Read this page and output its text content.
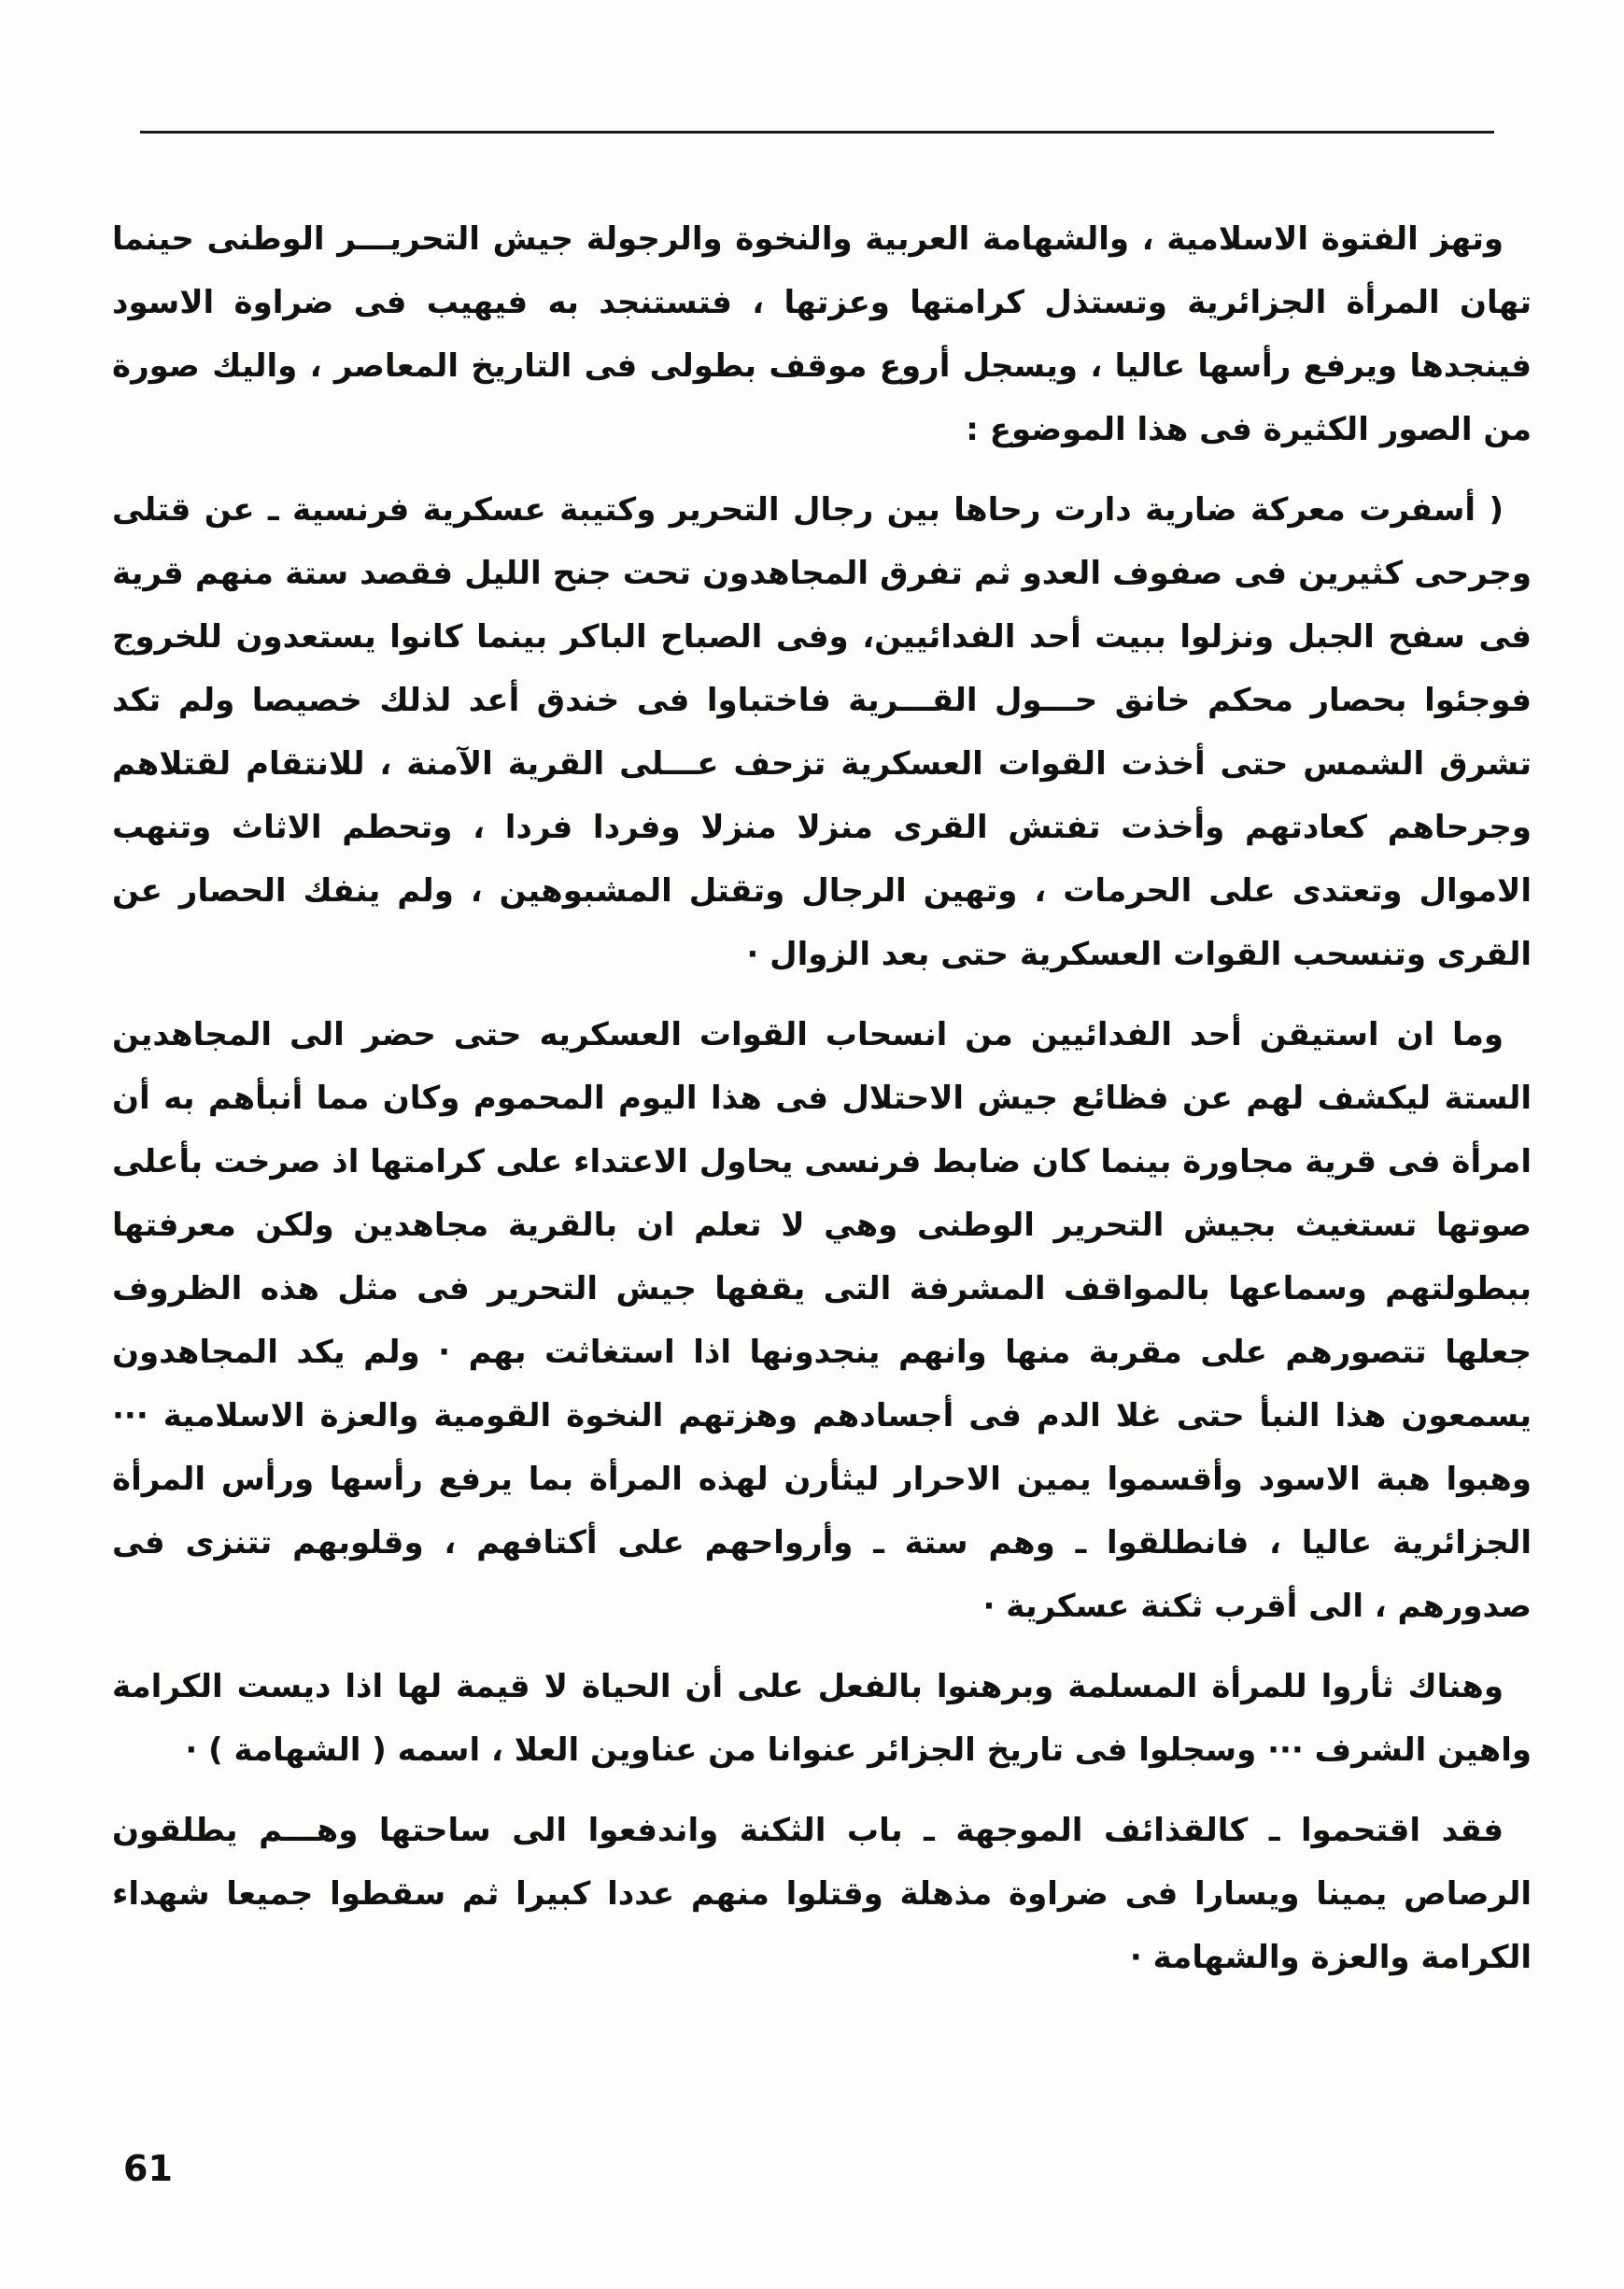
وتهز الفتوة الاسلامية ، والشهامة العربية والنخوة والرجولة جيش التحريـــر الوطنى حينما تهان المرأة الجزائرية وتستذل كرامتها وعزتها ، فتستنجد به فيهيب فى ضراوة الاسود فينجدها ويرفع رأسها عاليا ، ويسجل أروع موقف بطولى فى التاريخ المعاصر ، واليك صورة من الصور الكثيرة فى هذا الموضوع :

( أسفرت معركة ضارية دارت رحاها بين رجال التحرير وكتيبة عسكرية فرنسية ـ عن قتلى وجرحى كثيرين فى صفوف العدو ثم تفرق المجاهدون تحت جنح الليل فقصد ستة منهم قرية فى سفح الجبل ونزلوا ببيت أحد الفدائيين، وفى الصباح الباكر بينما كانوا يستعدون للخروج فوجئوا بحصار محكم خانق حـــول القـــرية فاختباوا فى خندق أعد لذلك خصيصا ولم تكد تشرق الشمس حتى أخذت القوات العسكرية تزحف عـــلى القرية الآمنة ، للانتقام لقتلاهم وجرحاهم كعادتهم وأخذت تفتش القرى منزلا منزلا وفردا فردا ، وتحطم الاثاث وتنهب الاموال وتعتدى على الحرمات ، وتهين الرجال وتقتل المشبوهين ، ولم ينفك الحصار عن القرى وتنسحب القوات العسكرية حتى بعد الزوال ·

وما ان استيقن أحد الفدائيين من انسحاب القوات العسكريه حتى حضر الى المجاهدين الستة ليكشف لهم عن فظائع جيش الاحتلال فى هذا اليوم المحموم وكان مما أنبأهم به أن امرأة فى قرية مجاورة بينما كان ضابط فرنسى يحاول الاعتداء على كرامتها اذ صرخت بأعلى صوتها تستغيث بجيش التحرير الوطنى وهي لا تعلم ان بالقرية مجاهدين ولكن معرفتها ببطولتهم وسماعها بالمواقف المشرفة التى يقفها جيش التحرير فى مثل هذه الظروف جعلها تتصورهم على مقربة منها وانهم ينجدونها اذا استغاثت بهم · ولم يكد المجاهدون يسمعون هذا النبأ حتى غلا الدم فى أجسادهم وهزتهم النخوة القومية والعزة الاسلامية ··· وهبوا هبة الاسود وأقسموا يمين الاحرار ليثأرن لهذه المرأة بما يرفع رأسها ورأس المرأة الجزائرية عاليا ، فانطلقوا ـ وهم ستة ـ وأرواحهم على أكتافهم ، وقلوبهم تتنزى فى صدورهم ، الى أقرب ثكنة عسكرية ·

وهناك ثأروا للمرأة المسلمة وبرهنوا بالفعل على أن الحياة لا قيمة لها اذا ديست الكرامة واهين الشرف ··· وسجلوا فى تاريخ الجزائر عنوانا من عناوين العلا ، اسمه ( الشهامة ) ·

فقد اقتحموا ـ كالقذائف الموجهة ـ باب الثكنة واندفعوا الى ساحتها وهـــم يطلقون الرصاص يمينا ويسارا فى ضراوة مذهلة وقتلوا منهم عددا كبيرا ثم سقطوا جميعا شهداء الكرامة والعزة والشهامة ·

61
